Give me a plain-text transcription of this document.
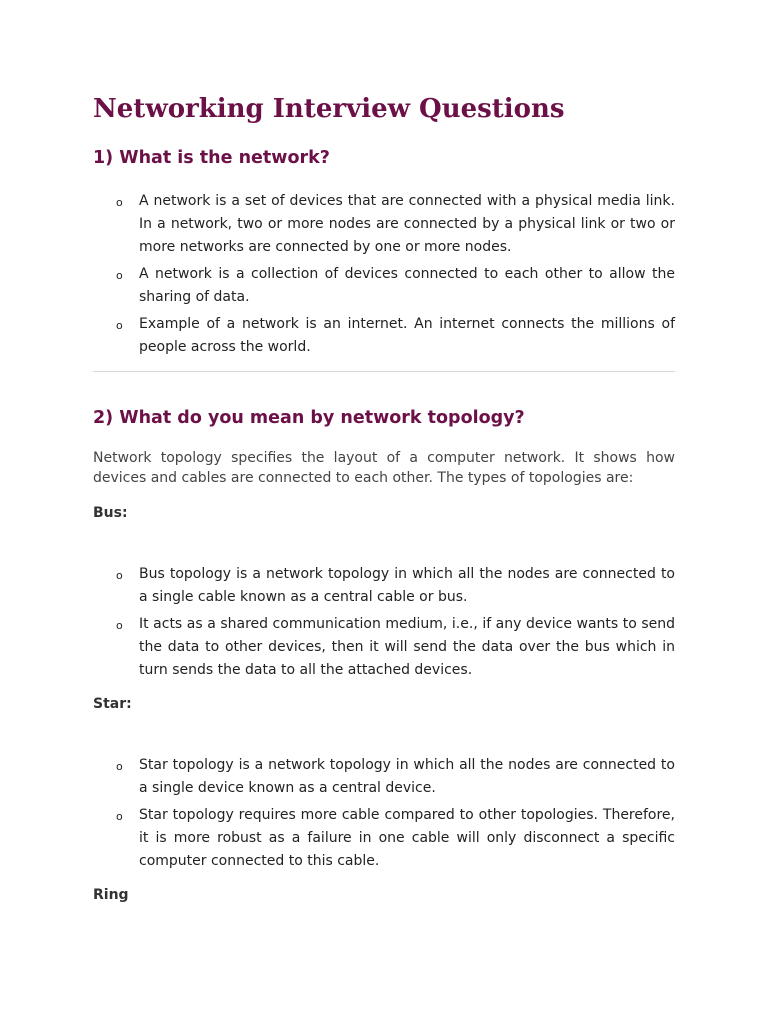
Networking Interview Questions
1) What is the network?
o A network is a set of devices that are connected with a physical media link. In a network, two or more nodes are connected by a physical link or two or more networks are connected by one or more nodes.
o A network is a collection of devices connected to each other to allow the sharing of data.
o Example of a network is an internet. An internet connects the millions of people across the world.
2) What do you mean by network topology?

Network topology specifies the layout of a computer network. It shows how devices and cables are connected to each other. The types of topologies are:

Bus:

o Bus topology is a network topology in which all the nodes are connected to a single cable known as a central cable or bus.
o It acts as a shared communication medium, i.e., if any device wants to send the data to other devices, then it will send the data over the bus which in turn sends the data to all the attached devices.

Star:

o Star topology is a network topology in which all the nodes are connected to a single device known as a central device.
o Star topology requires more cable compared to other topologies. Therefore, it is more robust as a failure in one cable will only disconnect a specific computer connected to this cable.

Ring
